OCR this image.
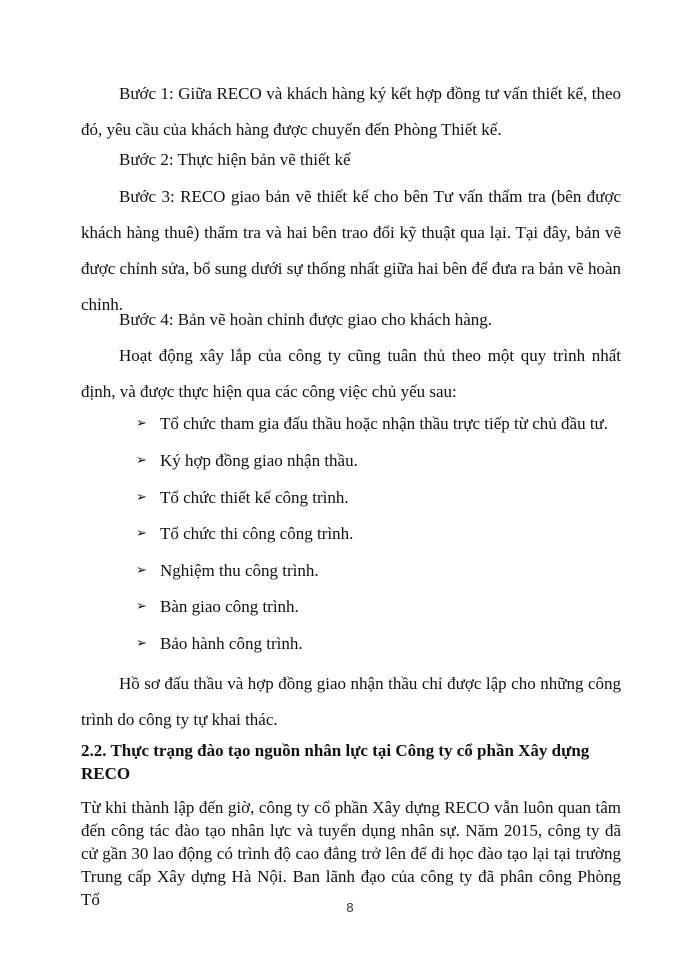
Bước 1: Giữa RECO và khách hàng ký kết hợp đồng tư vấn thiết kế, theo đó, yêu cầu của khách hàng được chuyển đến Phòng Thiết kế.

Bước 2: Thực hiện bản vẽ thiết kế

Bước 3: RECO giao bản vẽ thiết kế cho bên Tư vấn thẩm tra (bên được khách hàng thuê) thẩm tra và hai bên trao đổi kỹ thuật qua lại. Tại đây, bản vẽ được chỉnh sửa, bổ sung dưới sự thống nhất giữa hai bên để đưa ra bản vẽ hoàn chỉnh.

Bước 4: Bản vẽ hoàn chỉnh được giao cho khách hàng.

Hoạt động xây lắp của công ty cũng tuân thủ theo một quy trình nhất định, và được thực hiện qua các công việc chủ yếu sau:

➢ Tổ chức tham gia đấu thầu hoặc nhận thầu trực tiếp từ chủ đầu tư.
➢ Ký hợp đồng giao nhận thầu.
➢ Tổ chức thiết kế công trình.
➢ Tổ chức thi công công trình.
➢ Nghiệm thu công trình.
➢ Bàn giao công trình.
➢ Bảo hành công trình.

Hồ sơ đấu thầu và hợp đồng giao nhận thầu chỉ được lập cho những công trình do công ty tự khai thác.

2.2. Thực trạng đào tạo nguồn nhân lực tại Công ty cổ phần Xây dựng RECO

Từ khi thành lập đến giờ, công ty cổ phần Xây dựng RECO vẫn luôn quan tâm đến công tác đào tạo nhân lực và tuyển dụng nhân sự. Năm 2015, công ty đã cử gần 30 lao động có trình độ cao đẳng trở lên để đi học đào tạo lại tại trường Trung cấp Xây dựng Hà Nội. Ban lãnh đạo của công ty đã phân công Phòng Tổ	8
